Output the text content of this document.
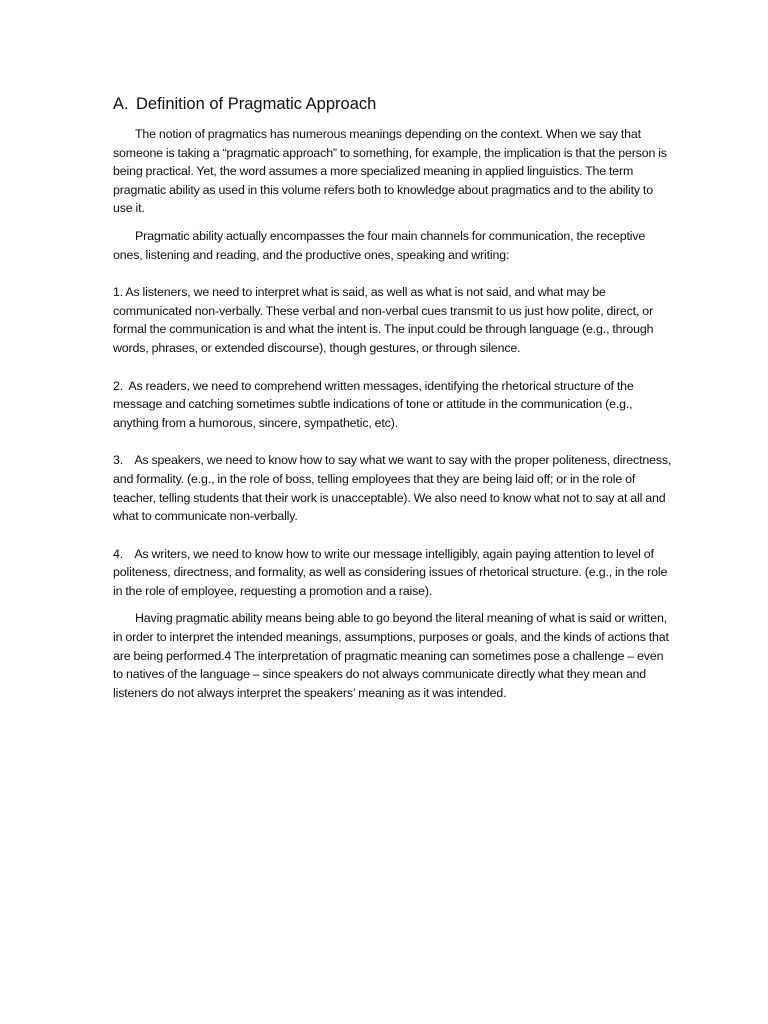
A. Definition of Pragmatic Approach

The notion of pragmatics has numerous meanings depending on the context. When we say that someone is taking a “pragmatic approach” to something, for example, the implication is that the person is being practical. Yet, the word assumes a more specialized meaning in applied linguistics. The term pragmatic ability as used in this volume refers both to knowledge about pragmatics and to the ability to use it.

Pragmatic ability actually encompasses the four main channels for communication, the receptive ones, listening and reading, and the productive ones, speaking and writing:

1. As listeners, we need to interpret what is said, as well as what is not said, and what may be communicated non-verbally. These verbal and non-verbal cues transmit to us just how polite, direct, or formal the communication is and what the intent is. The input could be through language (e.g., through words, phrases, or extended discourse), though gestures, or through silence.

2.  As readers, we need to comprehend written messages, identifying the rhetorical structure of the message and catching sometimes subtle indications of tone or attitude in the communication (e.g., anything from a humorous, sincere, sympathetic, etc).

3.    As speakers, we need to know how to say what we want to say with the proper politeness, directness, and formality. (e.g., in the role of boss, telling employees that they are being laid off; or in the role of teacher, telling students that their work is unacceptable). We also need to know what not to say at all and what to communicate non-verbally.

4.    As writers, we need to know how to write our message intelligibly, again paying attention to level of politeness, directness, and formality, as well as considering issues of rhetorical structure. (e.g., in the role in the role of employee, requesting a promotion and a raise).

Having pragmatic ability means being able to go beyond the literal meaning of what is said or written, in order to interpret the intended meanings, assumptions, purposes or goals, and the kinds of actions that are being performed.4 The interpretation of pragmatic meaning can sometimes pose a challenge – even to natives of the language – since speakers do not always communicate directly what they mean and listeners do not always interpret the speakers’ meaning as it was intended.
